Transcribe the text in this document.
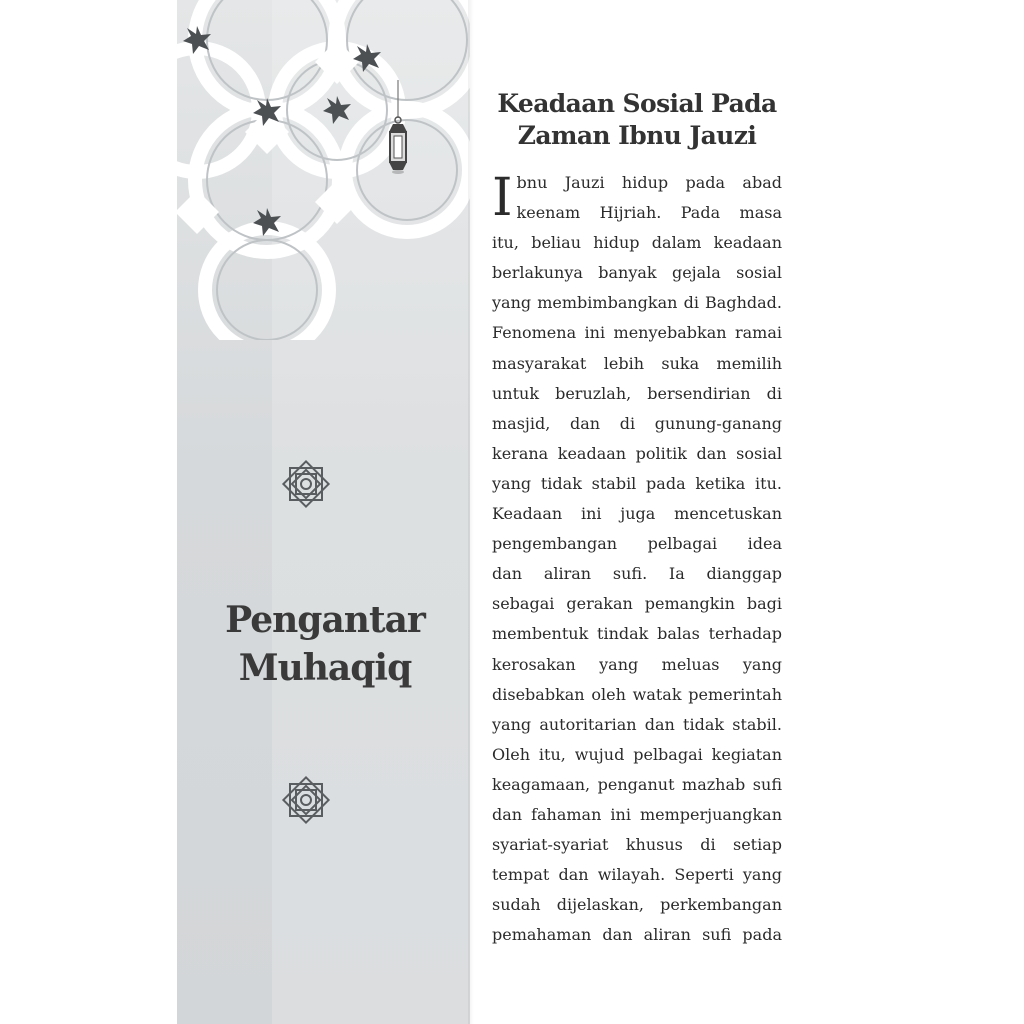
Pengantar
Muhaqiq
Keadaan Sosial Pada
Zaman Ibnu Jauzi
I bnu Jauzi hidup pada abad
keenam Hijriah. Pada masa
itu, beliau hidup dalam keadaan
berlakunya banyak gejala sosial
yang membimbangkan di Baghdad.
Fenomena ini menyebabkan ramai
masyarakat lebih suka memilih
untuk beruzlah, bersendirian di
masjid, dan di gunung-ganang
kerana keadaan politik dan sosial
yang tidak stabil pada ketika itu.
Keadaan ini juga mencetuskan
pengembangan pelbagai idea
dan aliran sufi. Ia dianggap
sebagai gerakan pemangkin bagi
membentuk tindak balas terhadap
kerosakan yang meluas yang
disebabkan oleh watak pemerintah
yang autoritarian dan tidak stabil.
Oleh itu, wujud pelbagai kegiatan
keagamaan, penganut mazhab sufi
dan fahaman ini memperjuangkan
syariat-syariat khusus di setiap
tempat dan wilayah. Seperti yang
sudah dijelaskan, perkembangan
pemahaman dan aliran sufi pada
